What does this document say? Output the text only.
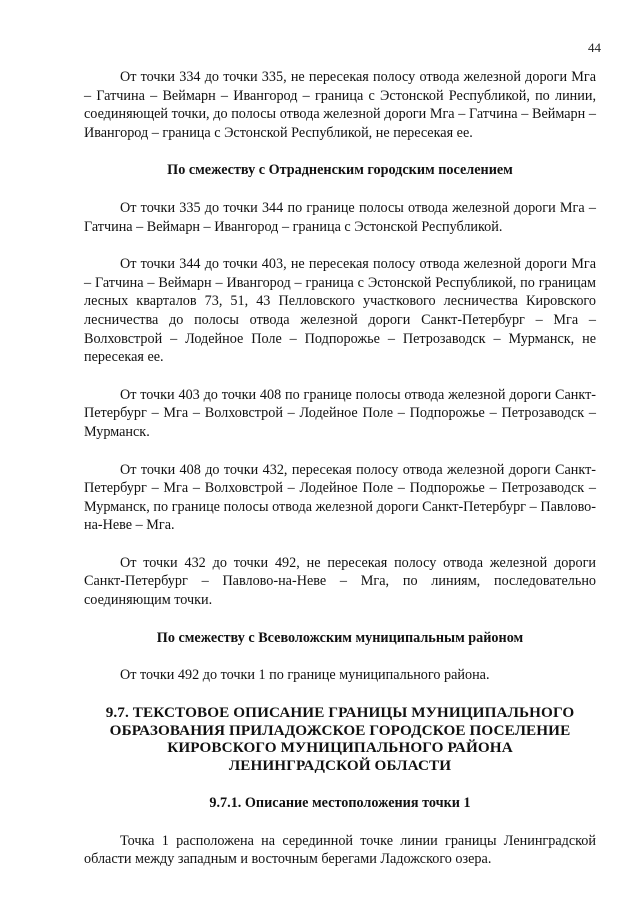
44

От точки 334 до точки 335, не пересекая полосу отвода железной дороги Мга – Гатчина – Веймарн – Ивангород – граница с Эстонской Республикой, по линии, соединяющей точки, до полосы отвода железной дороги Мга – Гатчина – Веймарн – Ивангород – граница с Эстонской Республикой, не пересекая ее.

По смежеству с Отрадненским городским поселением

От точки 335 до точки 344 по границе полосы отвода железной дороги Мга – Гатчина – Веймарн – Ивангород – граница с Эстонской Республикой.

От точки 344 до точки 403, не пересекая полосу отвода железной дороги Мга – Гатчина – Веймарн – Ивангород – граница с Эстонской Республикой, по границам лесных кварталов 73, 51, 43 Пелловского участкового лесничества Кировского лесничества до полосы отвода железной дороги Санкт-Петербург – Мга – Волховстрой – Лодейное Поле – Подпорожье – Петрозаводск – Мурманск, не пересекая ее.

От точки 403 до точки 408 по границе полосы отвода железной дороги Санкт-Петербург – Мга – Волховстрой – Лодейное Поле – Подпорожье – Петрозаводск – Мурманск.

От точки 408 до точки 432, пересекая полосу отвода железной дороги Санкт-Петербург – Мга – Волховстрой – Лодейное Поле – Подпорожье – Петрозаводск – Мурманск, по границе полосы отвода железной дороги Санкт-Петербург – Павлово-на-Неве – Мга.

От точки 432 до точки 492, не пересекая полосу отвода железной дороги Санкт-Петербург – Павлово-на-Неве – Мга, по линиям, последовательно соединяющим точки.

По смежеству с Всеволожским муниципальным районом

От точки 492 до точки 1 по границе муниципального района.

9.7. ТЕКСТОВОЕ ОПИСАНИЕ ГРАНИЦЫ МУНИЦИПАЛЬНОГО
ОБРАЗОВАНИЯ ПРИЛАДОЖСКОЕ ГОРОДСКОЕ ПОСЕЛЕНИЕ
КИРОВСКОГО МУНИЦИПАЛЬНОГО РАЙОНА
ЛЕНИНГРАДСКОЙ ОБЛАСТИ
9.7.1. Описание местоположения точки 1

Точка 1 расположена на серединной точке линии границы Ленинградской области между западным и восточным берегами Ладожского озера.
